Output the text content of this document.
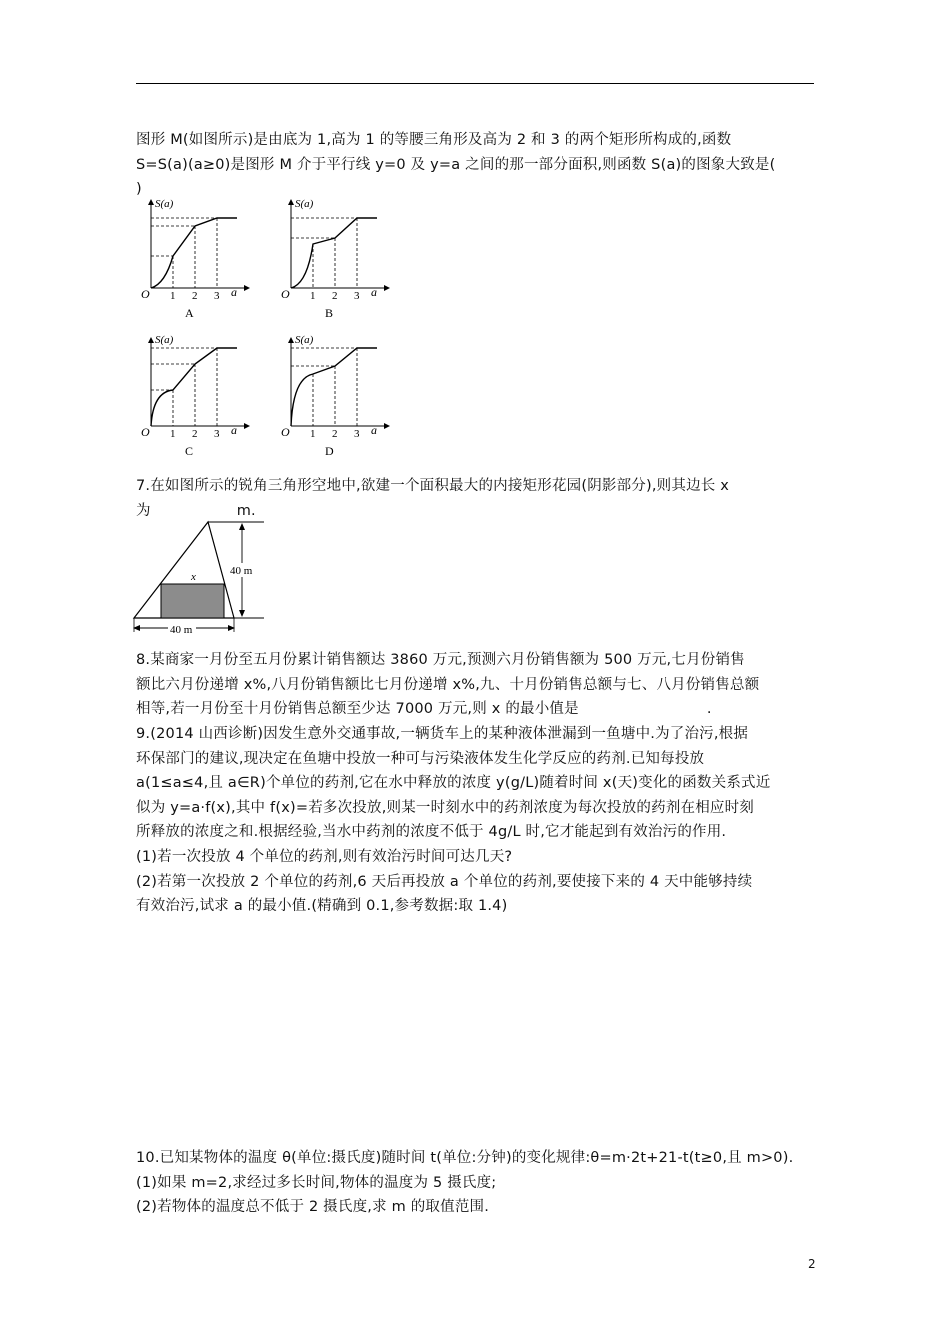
图形 M(如图所示)是由底为 1,高为 1 的等腰三角形及高为 2 和 3 的两个矩形所构成的,函数
S=S(a)(a≥0)是图形 M 介于平行线 y=0 及 y=a 之间的那一部分面积,则函数 S(a)的图象大致是(
)
S(a)
O 1 2 3 a
A
S(a)
O 1 2 3 a
B
S(a)
O 1 2 3 a
C
S(a)
O 1 2 3 a
D
7.在如图所示的锐角三角形空地中,欲建一个面积最大的内接矩形花园(阴影部分),则其边长 x
为	m.
40 m
40 m
x
8.某商家一月份至五月份累计销售额达 3860 万元,预测六月份销售额为 500 万元,七月份销售
额比六月份递增 x%,八月份销售额比七月份递增 x%,九、十月份销售总额与七、八月份销售总额
相等,若一月份至十月份销售总额至少达 7000 万元,则 x 的最小值是	.
9.(2014 山西诊断)因发生意外交通事故,一辆货车上的某种液体泄漏到一鱼塘中.为了治污,根据
环保部门的建议,现决定在鱼塘中投放一种可与污染液体发生化学反应的药剂.已知每投放
a(1≤a≤4,且 a∈R)个单位的药剂,它在水中释放的浓度 y(g/L)随着时间 x(天)变化的函数关系式近
似为 y=a·f(x),其中 f(x)=若多次投放,则某一时刻水中的药剂浓度为每次投放的药剂在相应时刻
所释放的浓度之和.根据经验,当水中药剂的浓度不低于 4g/L 时,它才能起到有效治污的作用.
(1)若一次投放 4 个单位的药剂,则有效治污时间可达几天?
(2)若第一次投放 2 个单位的药剂,6 天后再投放 a 个单位的药剂,要使接下来的 4 天中能够持续
有效治污,试求 a 的最小值.(精确到 0.1,参考数据:取 1.4)
10.已知某物体的温度 θ(单位:摄氏度)随时间 t(单位:分钟)的变化规律:θ=m·2t+21-t(t≥0,且 m>0).
(1)如果 m=2,求经过多长时间,物体的温度为 5 摄氏度;
(2)若物体的温度总不低于 2 摄氏度,求 m 的取值范围.
2
